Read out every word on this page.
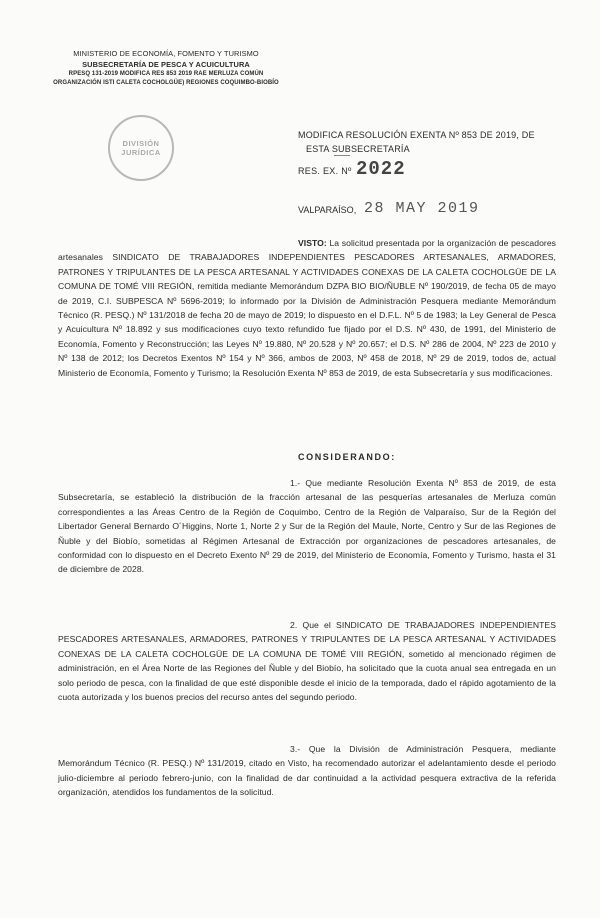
MINISTERIO DE ECONOMÍA, FOMENTO Y TURISMO
SUBSECRETARÍA DE PESCA Y ACUICULTURA
RPESQ 131-2019 MODIFICA RES 853 2019 RAE MERLUZA COMÚN
ORGANIZACIÓN ISTI CALETA COCHOLGÜE) REGIONES COQUIMBO-BIOBÍO
DIVISIÓN
JURÍDICA
MODIFICA RESOLUCIÓN EXENTA Nº 853 DE 2019, DE
ESTA SUBSECRETARÍA
RES. EX. Nº 2022
VALPARAÍSO, 28 MAY 2019
VISTO: La solicitud presentada por la organización de pescadores artesanales SINDICATO DE TRABAJADORES INDEPENDIENTES PESCADORES ARTESANALES, ARMADORES, PATRONES Y TRIPULANTES DE LA PESCA ARTESANAL Y ACTIVIDADES CONEXAS DE LA CALETA COCHOLGÜE DE LA COMUNA DE TOMÉ VIII REGIÓN, remitida mediante Memorándum DZPA BIO BIO/ÑUBLE Nº 190/2019, de fecha 05 de mayo de 2019, C.I. SUBPESCA Nº 5696-2019; lo informado por la División de Administración Pesquera mediante Memorándum Técnico (R. PESQ.) Nº 131/2018 de fecha 20 de mayo de 2019; lo dispuesto en el D.F.L. Nº 5 de 1983; la Ley General de Pesca y Acuicultura Nº 18.892 y sus modificaciones cuyo texto refundido fue fijado por el D.S. Nº 430, de 1991, del Ministerio de Economía, Fomento y Reconstrucción; las Leyes Nº 19.880, Nº 20.528 y Nº 20.657; el D.S. Nº 286 de 2004, Nº 223 de 2010 y Nº 138 de 2012; los Decretos Exentos Nº 154 y Nº 366, ambos de 2003, Nº 458 de 2018, Nº 29 de 2019, todos de, actual Ministerio de Economía, Fomento y Turismo; la Resolución Exenta Nº 853 de 2019, de esta Subsecretaría y sus modificaciones.
CONSIDERANDO:
1.- Que mediante Resolución Exenta Nº 853 de 2019, de esta Subsecretaría, se estableció la distribución de la fracción artesanal de las pesquerías artesanales de Merluza común correspondientes a las Áreas Centro de la Región de Coquimbo, Centro de la Región de Valparaíso, Sur de la Región del Libertador General Bernardo O´Higgins, Norte 1, Norte 2 y Sur de la Región del Maule, Norte, Centro y Sur de las Regiones de Ñuble y del Biobío, sometidas al Régimen Artesanal de Extracción por organizaciones de pescadores artesanales, de conformidad con lo dispuesto en el Decreto Exento Nº 29 de 2019, del Ministerio de Economía, Fomento y Turismo, hasta el 31 de diciembre de 2028.
2. Que el SINDICATO DE TRABAJADORES INDEPENDIENTES PESCADORES ARTESANALES, ARMADORES, PATRONES Y TRIPULANTES DE LA PESCA ARTESANAL Y ACTIVIDADES CONEXAS DE LA CALETA COCHOLGÜE DE LA COMUNA DE TOMÉ VIII REGIÓN, sometido al mencionado régimen de administración, en el Área Norte de las Regiones del Ñuble y del Biobío, ha solicitado que la cuota anual sea entregada en un solo periodo de pesca, con la finalidad de que esté disponible desde el inicio de la temporada, dado el rápido agotamiento de la cuota autorizada y los buenos precios del recurso antes del segundo periodo.
3.- Que la División de Administración Pesquera, mediante Memorándum Técnico (R. PESQ.) Nº 131/2019, citado en Visto, ha recomendado autorizar el adelantamiento desde el periodo julio-diciembre al periodo febrero-junio, con la finalidad de dar continuidad a la actividad pesquera extractiva de la referida organización, atendidos los fundamentos de la solicitud.
